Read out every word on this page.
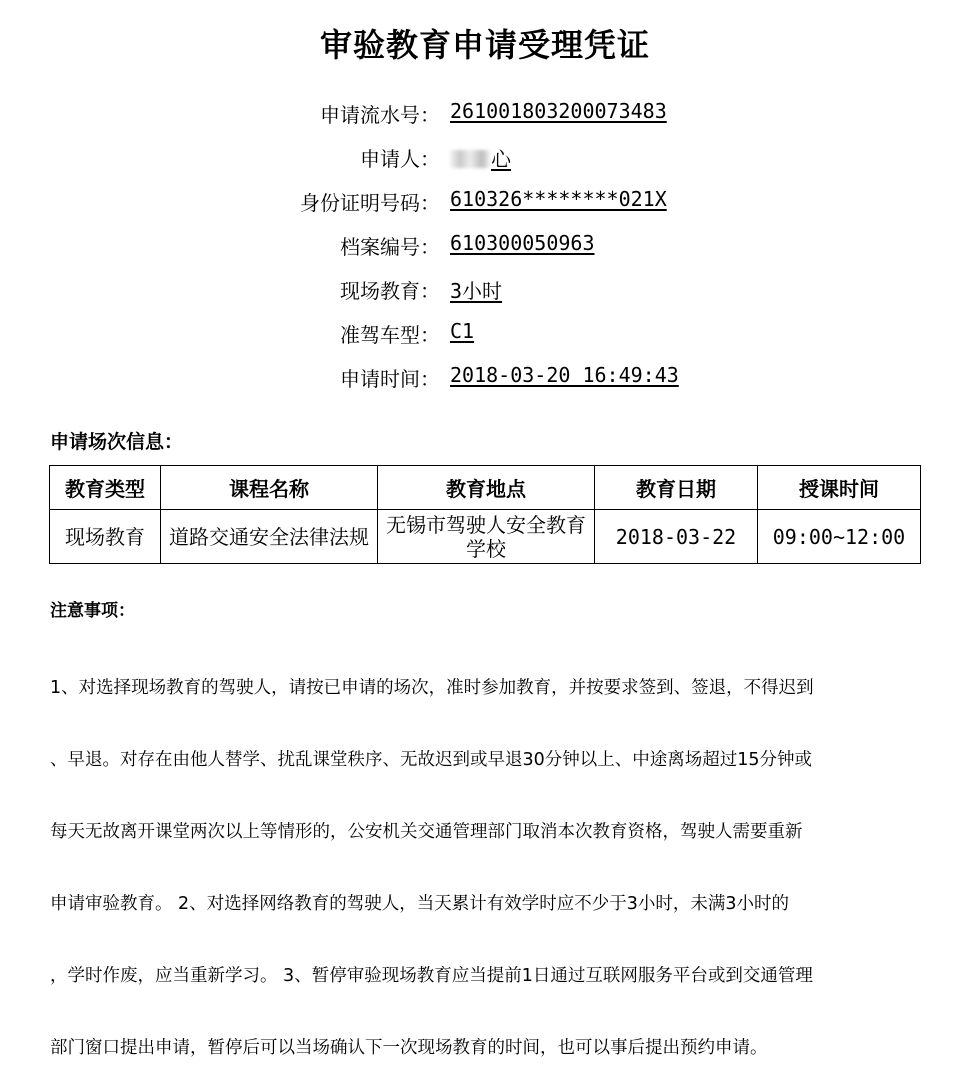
审验教育申请受理凭证
申请流水号： 261001803200073483
申请人：	心
身份证明号码： 610326********021X
档案编号： 610300050963
现场教育： 3小时
准驾车型： C1
申请时间： 2018-03-20 16:49:43
申请场次信息：
教育类型	课程名称	教育地点	教育日期	授课时间
现场教育	道路交通安全法律法规	无锡市驾驶人安全教育学校	2018-03-22	09:00~12:00
注意事项：

1、对选择现场教育的驾驶人，请按已申请的场次，准时参加教育，并按要求签到、签退，不得迟到

、早退。对存在由他人替学、扰乱课堂秩序、无故迟到或早退30分钟以上、中途离场超过15分钟或

每天无故离开课堂两次以上等情形的，公安机关交通管理部门取消本次教育资格，驾驶人需要重新

申请审验教育。 2、对选择网络教育的驾驶人，当天累计有效学时应不少于3小时，未满3小时的

，学时作废，应当重新学习。 3、暂停审验现场教育应当提前1日通过互联网服务平台或到交通管理

部门窗口提出申请，暂停后可以当场确认下一次现场教育的时间，也可以事后提出预约申请。
